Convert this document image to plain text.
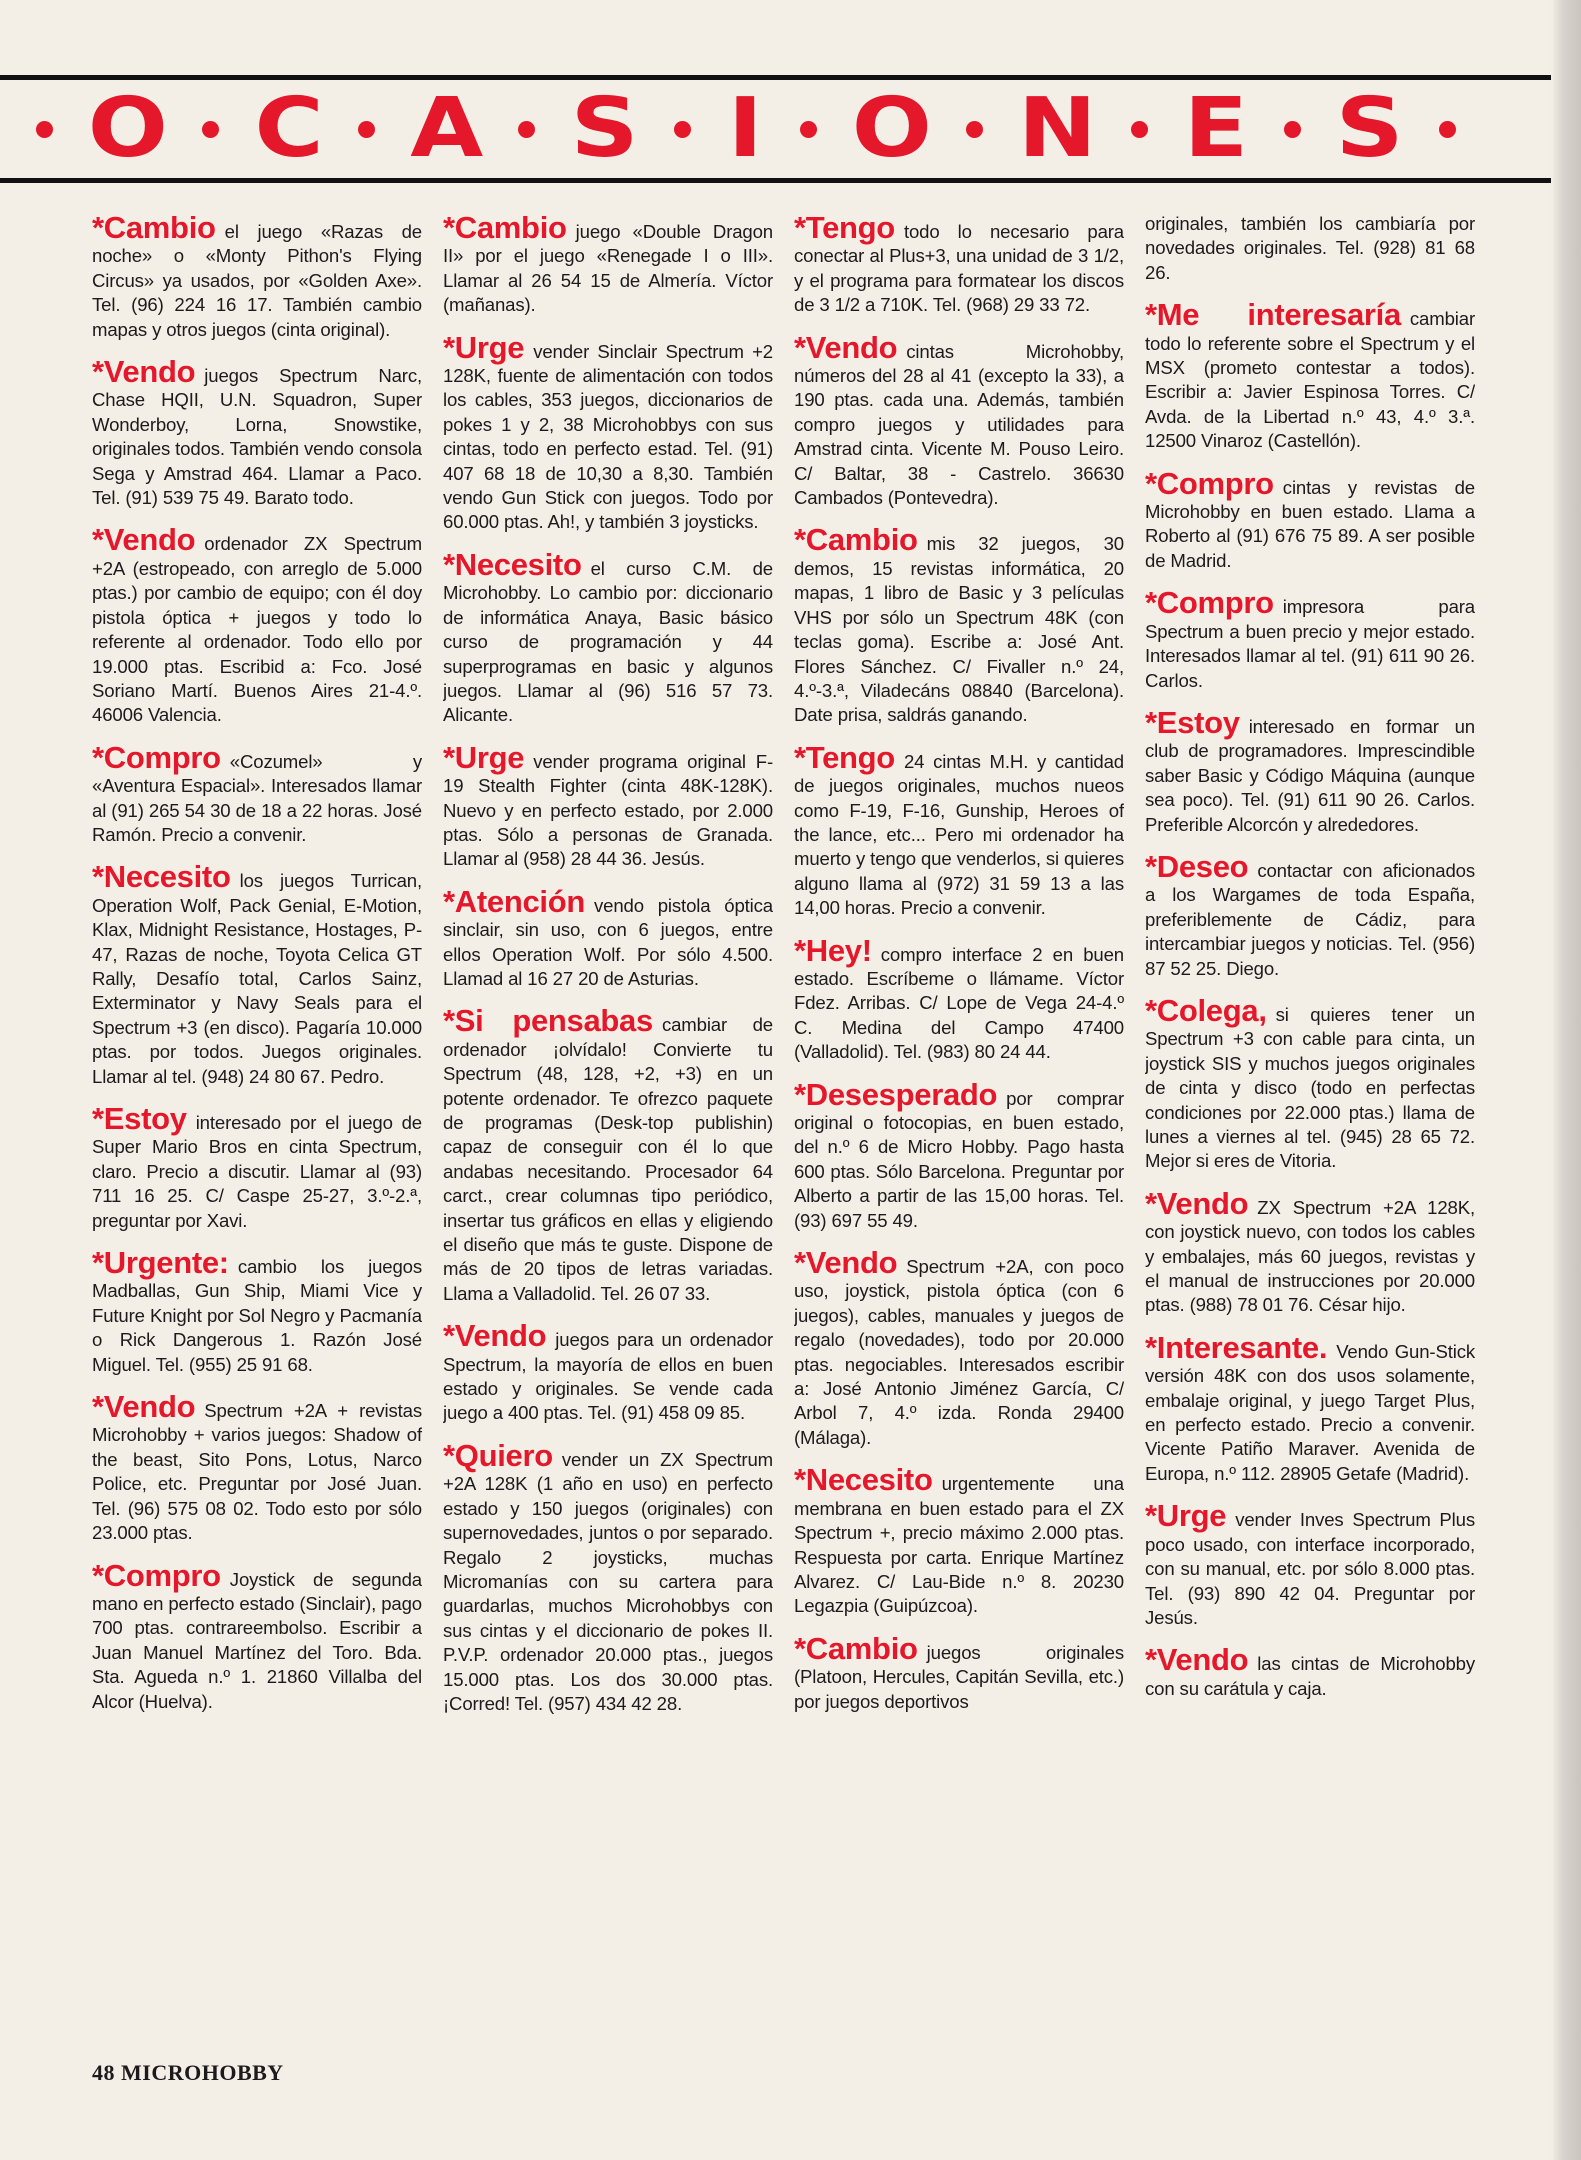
O C A S I O N E S

*Cambio el juego «Razas de noche» o «Monty Pithon's Flying Circus» ya usados, por «Golden Axe». Tel. (96) 224 16 17. También cambio mapas y otros juegos (cinta original).

*Vendo juegos Spectrum Narc, Chase HQII, U.N. Squadron, Super Wonderboy, Lorna, Snowstike, originales todos. También vendo consola Sega y Amstrad 464. Llamar a Paco. Tel. (91) 539 75 49. Barato todo.

*Vendo ordenador ZX Spectrum +2A (estropeado, con arreglo de 5.000 ptas.) por cambio de equipo; con él doy pistola óptica + juegos y todo lo referente al ordenador. Todo ello por 19.000 ptas. Escribid a: Fco. José Soriano Martí. Buenos Aires 21-4.º. 46006 Valencia.

*Compro «Cozumel» y «Aventura Espacial». Interesados llamar al (91) 265 54 30 de 18 a 22 horas. José Ramón. Precio a convenir.

*Necesito los juegos Turrican, Operation Wolf, Pack Genial, E-Motion, Klax, Midnight Resistance, Hostages, P-47, Razas de noche, Toyota Celica GT Rally, Desafío total, Carlos Sainz, Exterminator y Navy Seals para el Spectrum +3 (en disco). Pagaría 10.000 ptas. por todos. Juegos originales. Llamar al tel. (948) 24 80 67. Pedro.

*Estoy interesado por el juego de Super Mario Bros en cinta Spectrum, claro. Precio a discutir. Llamar al (93) 711 16 25. C/ Caspe 25-27, 3.º-2.ª, preguntar por Xavi.

*Urgente: cambio los juegos Madballas, Gun Ship, Miami Vice y Future Knight por Sol Negro y Pacmanía o Rick Dangerous 1. Razón José Miguel. Tel. (955) 25 91 68.

*Vendo Spectrum +2A + revistas Microhobby + varios juegos: Shadow of the beast, Sito Pons, Lotus, Narco Police, etc. Preguntar por José Juan. Tel. (96) 575 08 02. Todo esto por sólo 23.000 ptas.

*Compro Joystick de segunda mano en perfecto estado (Sinclair), pago 700 ptas. contrareembolso. Escribir a Juan Manuel Martínez del Toro. Bda. Sta. Agueda n.º 1. 21860 Villalba del Alcor (Huelva).

*Cambio juego «Double Dragon II» por el juego «Renegade I o III». Llamar al 26 54 15 de Almería. Víctor (mañanas).

*Urge vender Sinclair Spectrum +2 128K, fuente de alimentación con todos los cables, 353 juegos, diccionarios de pokes 1 y 2, 38 Microhobbys con sus cintas, todo en perfecto estad. Tel. (91) 407 68 18 de 10,30 a 8,30. También vendo Gun Stick con juegos. Todo por 60.000 ptas. Ah!, y también 3 joysticks.

*Necesito el curso C.M. de Microhobby. Lo cambio por: diccionario de informática Anaya, Basic básico curso de programación y 44 superprogramas en basic y algunos juegos. Llamar al (96) 516 57 73. Alicante.

*Urge vender programa original F-19 Stealth Fighter (cinta 48K-128K). Nuevo y en perfecto estado, por 2.000 ptas. Sólo a personas de Granada. Llamar al (958) 28 44 36. Jesús.

*Atención vendo pistola óptica sinclair, sin uso, con 6 juegos, entre ellos Operation Wolf. Por sólo 4.500. Llamad al 16 27 20 de Asturias.

*Si pensabas cambiar de ordenador ¡olvídalo! Convierte tu Spectrum (48, 128, +2, +3) en un potente ordenador. Te ofrezco paquete de programas (Desk-top publishin) capaz de conseguir con él lo que andabas necesitando. Procesador 64 carct., crear columnas tipo periódico, insertar tus gráficos en ellas y eligiendo el diseño que más te guste. Dispone de más de 20 tipos de letras variadas. Llama a Valladolid. Tel. 26 07 33.

*Vendo juegos para un ordenador Spectrum, la mayoría de ellos en buen estado y originales. Se vende cada juego a 400 ptas. Tel. (91) 458 09 85.

*Quiero vender un ZX Spectrum +2A 128K (1 año en uso) en perfecto estado y 150 juegos (originales) con supernovedades, juntos o por separado. Regalo 2 joysticks, muchas Micromanías con su cartera para guardarlas, muchos Microhobbys con sus cintas y el diccionario de pokes II. P.V.P. ordenador 20.000 ptas., juegos 15.000 ptas. Los dos 30.000 ptas. ¡Corred! Tel. (957) 434 42 28.

*Tengo todo lo necesario para conectar al Plus+3, una unidad de 3 1/2, y el programa para formatear los discos de 3 1/2 a 710K. Tel. (968) 29 33 72.

*Vendo cintas Microhobby, números del 28 al 41 (excepto la 33), a 190 ptas. cada una. Además, también compro juegos y utilidades para Amstrad cinta. Vicente M. Pouso Leiro. C/ Baltar, 38 - Castrelo. 36630 Cambados (Pontevedra).

*Cambio mis 32 juegos, 30 demos, 15 revistas informática, 20 mapas, 1 libro de Basic y 3 películas VHS por sólo un Spectrum 48K (con teclas goma). Escribe a: José Ant. Flores Sánchez. C/ Fivaller n.º 24, 4.º-3.ª, Viladecáns 08840 (Barcelona). Date prisa, saldrás ganando.

*Tengo 24 cintas M.H. y cantidad de juegos originales, muchos nueos como F-19, F-16, Gunship, Heroes of the lance, etc... Pero mi ordenador ha muerto y tengo que venderlos, si quieres alguno llama al (972) 31 59 13 a las 14,00 horas. Precio a convenir.

*Hey! compro interface 2 en buen estado. Escríbeme o llámame. Víctor Fdez. Arribas. C/ Lope de Vega 24-4.º C. Medina del Campo 47400 (Valladolid). Tel. (983) 80 24 44.

*Desesperado por comprar original o fotocopias, en buen estado, del n.º 6 de Micro Hobby. Pago hasta 600 ptas. Sólo Barcelona. Preguntar por Alberto a partir de las 15,00 horas. Tel. (93) 697 55 49.

*Vendo Spectrum +2A, con poco uso, joystick, pistola óptica (con 6 juegos), cables, manuales y juegos de regalo (novedades), todo por 20.000 ptas. negociables. Interesados escribir a: José Antonio Jiménez García, C/ Arbol 7, 4.º izda. Ronda 29400 (Málaga).

*Necesito urgentemente una membrana en buen estado para el ZX Spectrum +, precio máximo 2.000 ptas. Respuesta por carta. Enrique Martínez Alvarez. C/ Lau-Bide n.º 8. 20230 Legazpia (Guipúzcoa).

*Cambio juegos originales (Platoon, Hercules, Capitán Sevilla, etc.) por juegos deportivos

originales, también los cambiaría por novedades originales. Tel. (928) 81 68 26.

*Me interesaría cambiar todo lo referente sobre el Spectrum y el MSX (prometo contestar a todos). Escribir a: Javier Espinosa Torres. C/ Avda. de la Libertad n.º 43, 4.º 3.ª. 12500 Vinaroz (Castellón).

*Compro cintas y revistas de Microhobby en buen estado. Llama a Roberto al (91) 676 75 89. A ser posible de Madrid.

*Compro impresora para Spectrum a buen precio y mejor estado. Interesados llamar al tel. (91) 611 90 26. Carlos.

*Estoy interesado en formar un club de programadores. Imprescindible saber Basic y Código Máquina (aunque sea poco). Tel. (91) 611 90 26. Carlos. Preferible Alcorcón y alrededores.

*Deseo contactar con aficionados a los Wargames de toda España, preferiblemente de Cádiz, para intercambiar juegos y noticias. Tel. (956) 87 52 25. Diego.

*Colega, si quieres tener un Spectrum +3 con cable para cinta, un joystick SIS y muchos juegos originales de cinta y disco (todo en perfectas condiciones por 22.000 ptas.) llama de lunes a viernes al tel. (945) 28 65 72. Mejor si eres de Vitoria.

*Vendo ZX Spectrum +2A 128K, con joystick nuevo, con todos los cables y embalajes, más 60 juegos, revistas y el manual de instrucciones por 20.000 ptas. (988) 78 01 76. César hijo.

*Interesante. Vendo Gun-Stick versión 48K con dos usos solamente, embalaje original, y juego Target Plus, en perfecto estado. Precio a convenir. Vicente Patiño Maraver. Avenida de Europa, n.º 112. 28905 Getafe (Madrid).

*Urge vender Inves Spectrum Plus poco usado, con interface incorporado, con su manual, etc. por sólo 8.000 ptas. Tel. (93) 890 42 04. Preguntar por Jesús.

*Vendo las cintas de Microhobby con su carátula y caja.

48 MICROHOBBY
